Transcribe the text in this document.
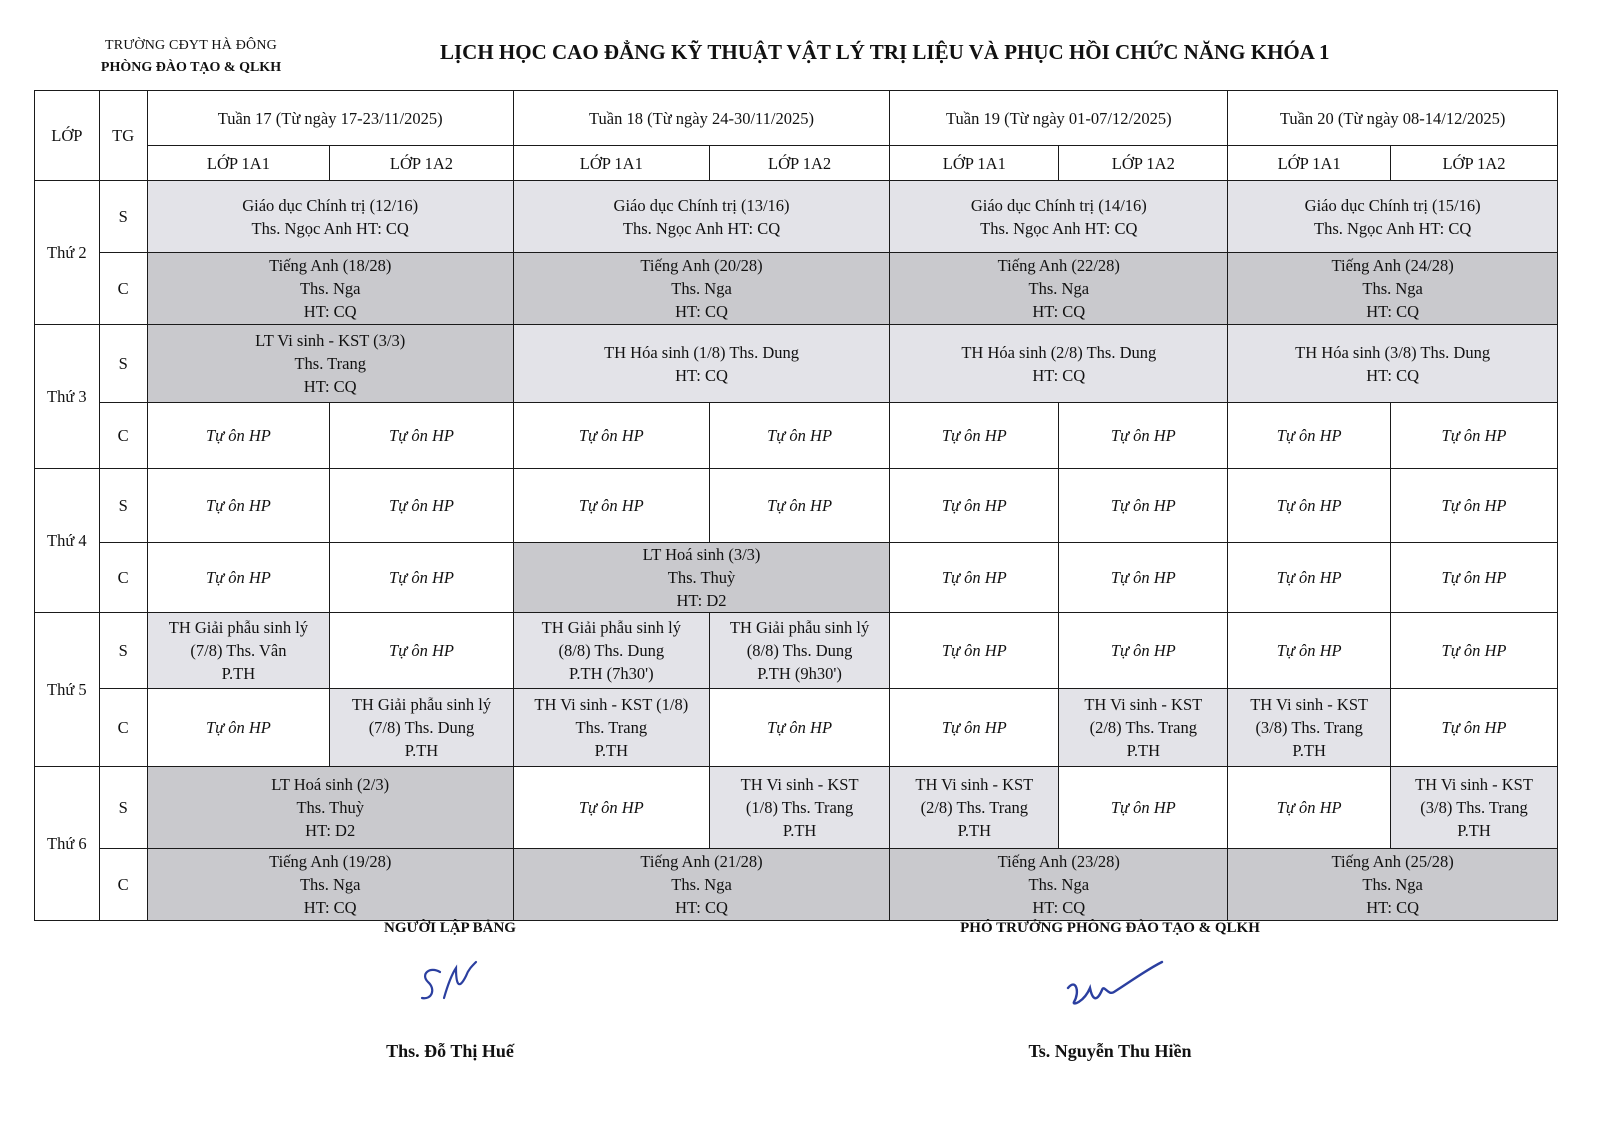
TRƯỜNG CĐYT HÀ ĐÔNG
PHÒNG ĐÀO TẠO & QLKH
LỊCH HỌC CAO ĐẲNG KỸ THUẬT VẬT LÝ TRỊ LIỆU VÀ PHỤC HỒI CHỨC NĂNG KHÓA 1
LỚP	TG	Tuần 17 (Từ ngày 17-23/11/2025)		Tuần 18 (Từ ngày 24-30/11/2025)		Tuần 19 (Từ ngày 01-07/12/2025)		Tuần 20 (Từ ngày 08-14/12/2025)	
		LỚP 1A1	LỚP 1A2	LỚP 1A1	LỚP 1A2	LỚP 1A1	LỚP 1A2	LỚP 1A1	LỚP 1A2
Thứ 2	S	Giáo dục Chính trị (12/16)
Ths. Ngọc Anh HT: CQ		Giáo dục Chính trị (13/16)
Ths. Ngọc Anh HT: CQ		Giáo dục Chính trị (14/16)
Ths. Ngọc Anh HT: CQ		Giáo dục Chính trị (15/16)
Ths. Ngọc Anh HT: CQ	

	C	Tiếng Anh (18/28)
Ths. Nga
HT: CQ		Tiếng Anh (20/28)
Ths. Nga
HT: CQ		Tiếng Anh (22/28)
Ths. Nga
HT: CQ		Tiếng Anh (24/28)
Ths. Nga
HT: CQ	

Thứ 3	S	LT Vi sinh - KST (3/3)
Ths. Trang
HT: CQ		TH Hóa sinh (1/8) Ths. Dung
HT: CQ		TH Hóa sinh (2/8) Ths. Dung
HT: CQ		TH Hóa sinh (3/8) Ths. Dung
HT: CQ	

	C	Tự ôn HP	Tự ôn HP	Tự ôn HP	Tự ôn HP	Tự ôn HP	Tự ôn HP	Tự ôn HP	Tự ôn HP

Thứ 4	S	Tự ôn HP	Tự ôn HP	Tự ôn HP	Tự ôn HP	Tự ôn HP	Tự ôn HP	Tự ôn HP	Tự ôn HP

	C	Tự ôn HP	Tự ôn HP	LT Hoá sinh (3/3)
Ths. Thuỳ
HT: D2		Tự ôn HP	Tự ôn HP	Tự ôn HP	Tự ôn HP

Thứ 5	S	TH Giải phẫu sinh lý
(7/8) Ths. Vân
P.TH	Tự ôn HP	TH Giải phẫu sinh lý
(8/8) Ths. Dung
P.TH (7h30')	TH Giải phẫu sinh lý
(8/8) Ths. Dung
P.TH (9h30')	Tự ôn HP	Tự ôn HP	Tự ôn HP	Tự ôn HP

	C	Tự ôn HP	TH Giải phẫu sinh lý
(7/8) Ths. Dung
P.TH	TH Vi sinh - KST (1/8)
Ths. Trang
P.TH	Tự ôn HP	Tự ôn HP	TH Vi sinh - KST
(2/8) Ths. Trang
P.TH	TH Vi sinh - KST
(3/8) Ths. Trang
P.TH	Tự ôn HP

Thứ 6	S	LT Hoá sinh (2/3)
Ths. Thuỳ
HT: D2		Tự ôn HP	TH Vi sinh - KST
(1/8) Ths. Trang
P.TH	TH Vi sinh - KST
(2/8) Ths. Trang
P.TH	Tự ôn HP	Tự ôn HP	TH Vi sinh - KST
(3/8) Ths. Trang
P.TH

	C	Tiếng Anh (19/28)
Ths. Nga
HT: CQ		Tiếng Anh (21/28)
Ths. Nga
HT: CQ		Tiếng Anh (23/28)
Ths. Nga
HT: CQ		Tiếng Anh (25/28)
Ths. Nga
HT: CQ	
NGƯỜI LẬP BẢNG
Ths. Đỗ Thị Huế
PHÓ TRƯỞNG PHÒNG ĐÀO TẠO & QLKH
Ts. Nguyễn Thu Hiền
